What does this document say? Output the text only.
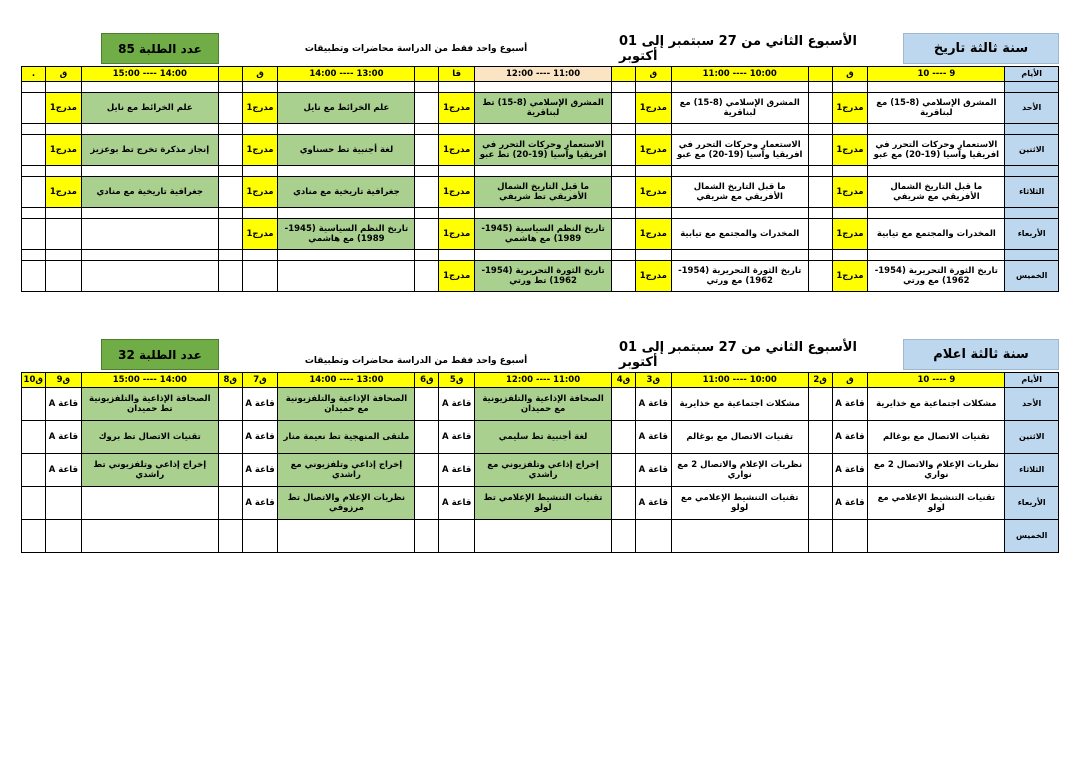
سنة ثالثة تاريخ
الأسبوع الثاني من 27 سبتمبر إلى 01 أكتوبر
أسبوع واحد فقط من الدراسة محاضرات وتطبيقات
عدد الطلبة 85
الأيام	9 ---- 10	ق		10:00 ---- 11:00	ق		11:00 ---- 12:00	قا		13:00 ---- 14:00	ق		14:00 ---- 15:00	ق	.

الأحد	المشرق الإسلامي (8-15) مع لبناقرية	مدرج1		المشرق الإسلامي (8-15) مع لبناقرية	مدرج1		المشرق الإسلامي (8-15) تط لبناقرية	مدرج1		علم الخرائط مع نايل	مدرج1		علم الخرائط مع نايل	مدرج1	

الاثنين	الاستعمار وحركات التحرر في افريقيا وآسيا (19-20) مع عبو	مدرج1		الاستعمار وحركات التحرر في افريقيا وآسيا (19-20) مع عبو	مدرج1		الاستعمار وحركات التحرر في افريقيا وآسيا (19-20) تط عبو	مدرج1		لغة أجنبية تط حسناوي	مدرج1		إنجاز مذكرة تخرج تط بوعزيز	مدرج1	

الثلاثاء	ما قبل التاريخ الشمال الأفريقي مع شريفي	مدرج1		ما قبل التاريخ الشمال الأفريقي مع شريفي	مدرج1		ما قبل التاريخ الشمال الأفريقي تط شريفي	مدرج1		جغرافية تاريخية مع منادي	مدرج1		جغرافية تاريخية مع منادي	مدرج1	

الأربعاء	المخدرات والمجتمع مع تيابية	مدرج1		المخدرات والمجتمع مع تيابية	مدرج1		تاريخ النظم السياسية (1945-1989) مع هاشمي	مدرج1		تاريخ النظم السياسية (1945-1989) مع هاشمي	مدرج1				

الخميس	تاريخ الثورة التحريرية (1954-1962) مع ورتي	مدرج1		تاريخ الثورة التحريرية (1954-1962) مع ورتي	مدرج1		تاريخ الثورة التحريرية (1954-1962) تط ورتي	مدرج1							
سنة ثالثة اعلام
الأسبوع الثاني من 27 سبتمبر إلى 01 أكتوبر
أسبوع واحد فقط من الدراسة محاضرات وتطبيقات
عدد الطلبة 32
الأيام	9 ---- 10	ق	ق2	10:00 ---- 11:00	ق3	ق4	11:00 ---- 12:00	ق5	ق6	13:00 ---- 14:00	ق7	ق8	14:00 ---- 15:00	ق9	ق10
الأحد	مشكلات اجتماعية مع خذايرية	قاعة A		مشكلات اجتماعية مع خذايرية	قاعة A		الصحافة الإذاعية والتلفزيونية مع حميدان	قاعة A		الصحافة الإذاعية والتلفزيونية مع حميدان	قاعة A		الصحافة الإذاعية والتلفزيونية تط حميدان	قاعة A	
الاثنين	تقنيات الاتصال مع بوغالم	قاعة A		تقنيات الاتصال مع بوغالم	قاعة A		لغة أجنبية تط سليمي	قاعة A		ملتقى المنهجية تط نعيمة منار	قاعة A		تقنيات الاتصال تط بروك	قاعة A	
الثلاثاء	نظريات الإعلام والاتصال 2 مع نواري	قاعة A		نظريات الإعلام والاتصال 2 مع نواري	قاعة A		إخراج إذاعي وتلفزيوني مع راشدي	قاعة A		إخراج إذاعي وتلفزيوني مع راشدي	قاعة A		إخراج إذاعي وتلفزيوني تط راشدي	قاعة A	
الأربعاء	تقنيات التنشيط الإعلامي مع لولو	قاعة A		تقنيات التنشيط الإعلامي مع لولو	قاعة A		تقنيات التنشيط الإعلامي تط لولو	قاعة A		نظريات الإعلام والاتصال تط مرزوقي	قاعة A				
الخميس															
